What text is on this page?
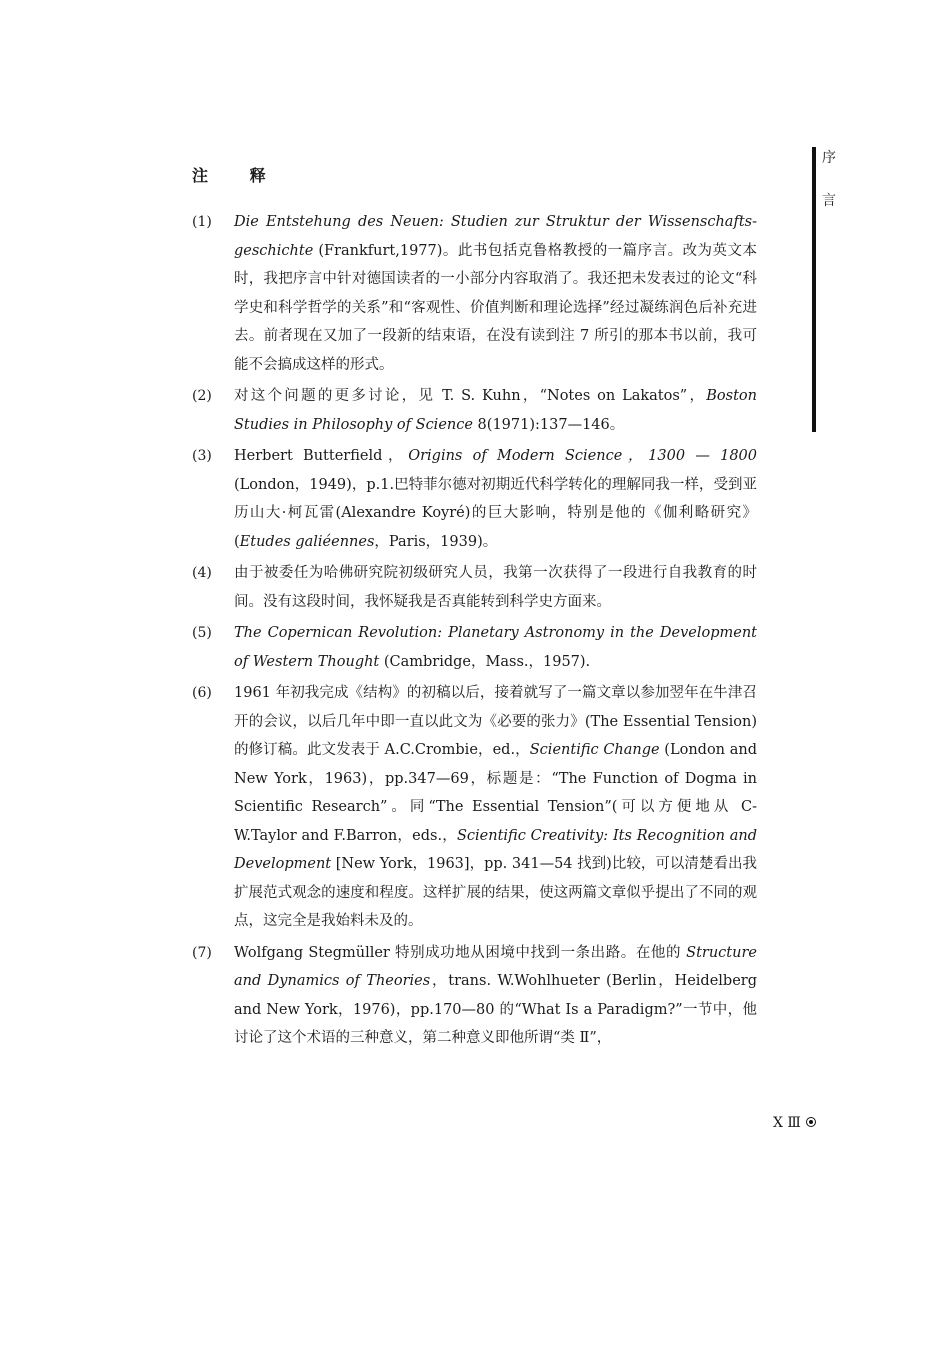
序
言
注 释
(1)	Die Entstehung des Neuen: Studien zur Struktur der Wissenschafts-geschichte (Frankfurt,1977)。此书包括克鲁格教授的一篇序言。改为英文本时，我把序言中针对德国读者的一小部分内容取消了。我还把未发表过的论文“科学史和科学哲学的关系”和“客观性、价值判断和理论选择”经过凝练润色后补充进去。前者现在又加了一段新的结束语，在没有读到注 7 所引的那本书以前，我可能不会搞成这样的形式。
(2)	对这个问题的更多讨论，见 T. S. Kuhn，“Notes on Lakatos”，Boston Studies in Philosophy of Science 8(1971):137—146。
(3)	Herbert Butterfield，Origins of Modern Science，1300 — 1800 (London，1949)，p.1.巴特菲尔德对初期近代科学转化的理解同我一样，受到亚历山大·柯瓦雷(Alexandre Koyré)的巨大影响，特别是他的《伽利略研究》(Etudes galiéennes，Paris，1939)。
(4)	由于被委任为哈佛研究院初级研究人员，我第一次获得了一段进行自我教育的时间。没有这段时间，我怀疑我是否真能转到科学史方面来。
(5)	The Copernican Revolution: Planetary Astronomy in the Development of Western Thought (Cambridge，Mass.，1957).
(6)	1961 年初我完成《结构》的初稿以后，接着就写了一篇文章以参加翌年在牛津召开的会议，以后几年中即一直以此文为《必要的张力》(The Essential Tension)的修订稿。此文发表于 A.C.Crombie，ed.，Scientific Change (London and New York，1963)，pp.347—69，标题是：“The Function of Dogma in Scientific Research”。同“The Essential Tension”(可以方便地从 C-W.Taylor and F.Barron，eds.，Scientific Creativity: Its Recognition and Development [New York，1963]，pp. 341—54 找到)比较，可以清楚看出我扩展范式观念的速度和程度。这样扩展的结果，使这两篇文章似乎提出了不同的观点，这完全是我始料未及的。
(7)	Wolfgang Stegmüller 特别成功地从困境中找到一条出路。在他的 Structure and Dynamics of Theories，trans. W.Wohlhueter (Berlin，Heidelberg and New York，1976)，pp.170—80 的“What Is a Paradigm?”一节中，他讨论了这个术语的三种意义，第二种意义即他所谓“类 Ⅱ”，
Ⅹ Ⅲ
